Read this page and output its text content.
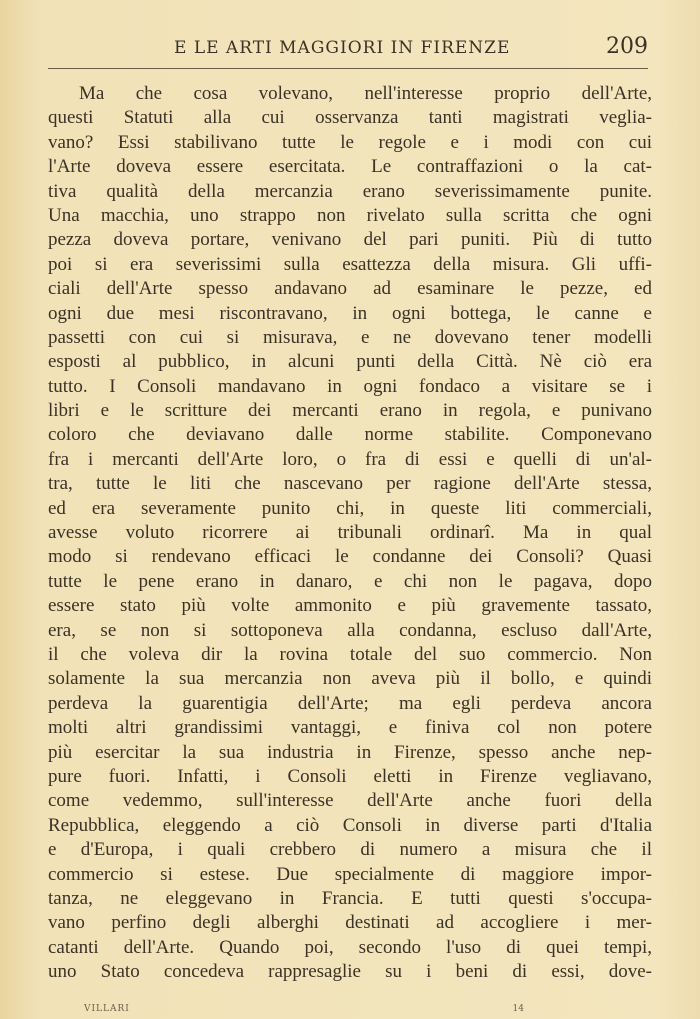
E LE ARTI MAGGIORI IN FIRENZE	209
Ma che cosa volevano, nell'interesse proprio dell'Arte,
questi Statuti alla cui osservanza tanti magistrati veglia-
vano? Essi stabilivano tutte le regole e i modi con cui
l'Arte doveva essere esercitata. Le contraffazioni o la cat-
tiva qualità della mercanzia erano severissimamente punite.
Una macchia, uno strappo non rivelato sulla scritta che ogni
pezza doveva portare, venivano del pari puniti. Più di tutto
poi si era severissimi sulla esattezza della misura. Gli uffi-
ciali dell'Arte spesso andavano ad esaminare le pezze, ed
ogni due mesi riscontravano, in ogni bottega, le canne e
passetti con cui si misurava, e ne dovevano tener modelli
esposti al pubblico, in alcuni punti della Città. Nè ciò era
tutto. I Consoli mandavano in ogni fondaco a visitare se i
libri e le scritture dei mercanti erano in regola, e punivano
coloro che deviavano dalle norme stabilite. Componevano
fra i mercanti dell'Arte loro, o fra di essi e quelli di un'al-
tra, tutte le liti che nascevano per ragione dell'Arte stessa,
ed era severamente punito chi, in queste liti commerciali,
avesse voluto ricorrere ai tribunali ordinarî. Ma in qual
modo si rendevano efficaci le condanne dei Consoli? Quasi
tutte le pene erano in danaro, e chi non le pagava, dopo
essere stato più volte ammonito e più gravemente tassato,
era, se non si sottoponeva alla condanna, escluso dall'Arte,
il che voleva dir la rovina totale del suo commercio. Non
solamente la sua mercanzia non aveva più il bollo, e quindi
perdeva la guarentigia dell'Arte; ma egli perdeva ancora
molti altri grandissimi vantaggi, e finiva col non potere
più esercitar la sua industria in Firenze, spesso anche nep-
pure fuori. Infatti, i Consoli eletti in Firenze vegliavano,
come vedemmo, sull'interesse dell'Arte anche fuori della
Repubblica, eleggendo a ciò Consoli in diverse parti d'Italia
e d'Europa, i quali crebbero di numero a misura che il
commercio si estese. Due specialmente di maggiore impor-
tanza, ne eleggevano in Francia. E tutti questi s'occupa-
vano perfino degli alberghi destinati ad accogliere i mer-
catanti dell'Arte. Quando poi, secondo l'uso di quei tempi,
uno Stato concedeva rappresaglie su i beni di essi, dove-
VILLARI	14
